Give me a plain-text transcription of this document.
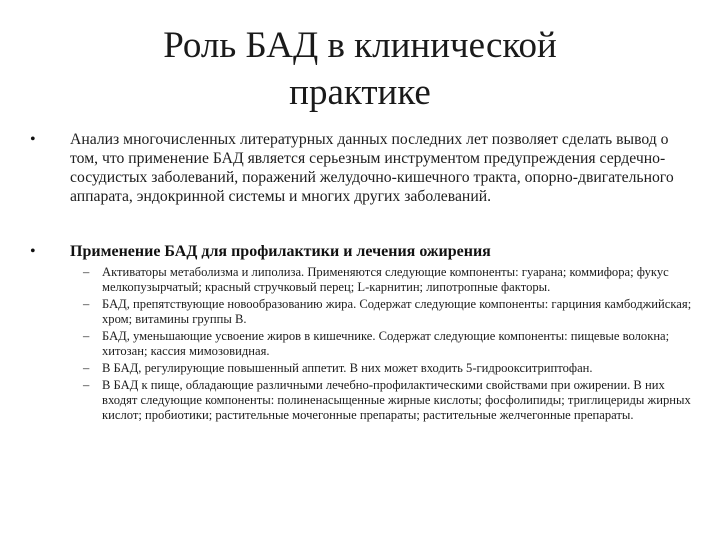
Роль БАД в клинической
практике
• Анализ многочисленных литературных данных последних лет позволяет сделать вывод о том, что применение БАД является серьезным инструментом предупреждения сердечно-сосудистых заболеваний, поражений желудочно-кишечного тракта, опорно-двигательного аппарата, эндокринной системы и многих других заболеваний.
• Применение БАД для профилактики и лечения ожирения
– Активаторы метаболизма и липолиза. Применяются следующие компоненты: гуарана; коммифора; фукус мелкопузырчатый; красный стручковый перец; L-карнитин; липотропные факторы.
– БАД, препятствующие новообразованию жира. Содержат следующие компоненты: гарциния камбоджийская; хром; витамины группы В.
– БАД, уменьшающие усвоение жиров в кишечнике. Содержат следующие компоненты: пищевые волокна; хитозан; кассия мимозовидная.
– В БАД, регулирующие повышенный аппетит. В них может входить 5-гидроокситриптофан.
– В БАД к пище, обладающие различными лечебно-профилактическими свойствами при ожирении. В них входят следующие компоненты: полиненасыщенные жирные кислоты; фосфолипиды; триглицериды жирных кислот; пробиотики; растительные мочегонные препараты; растительные желчегонные препараты.
